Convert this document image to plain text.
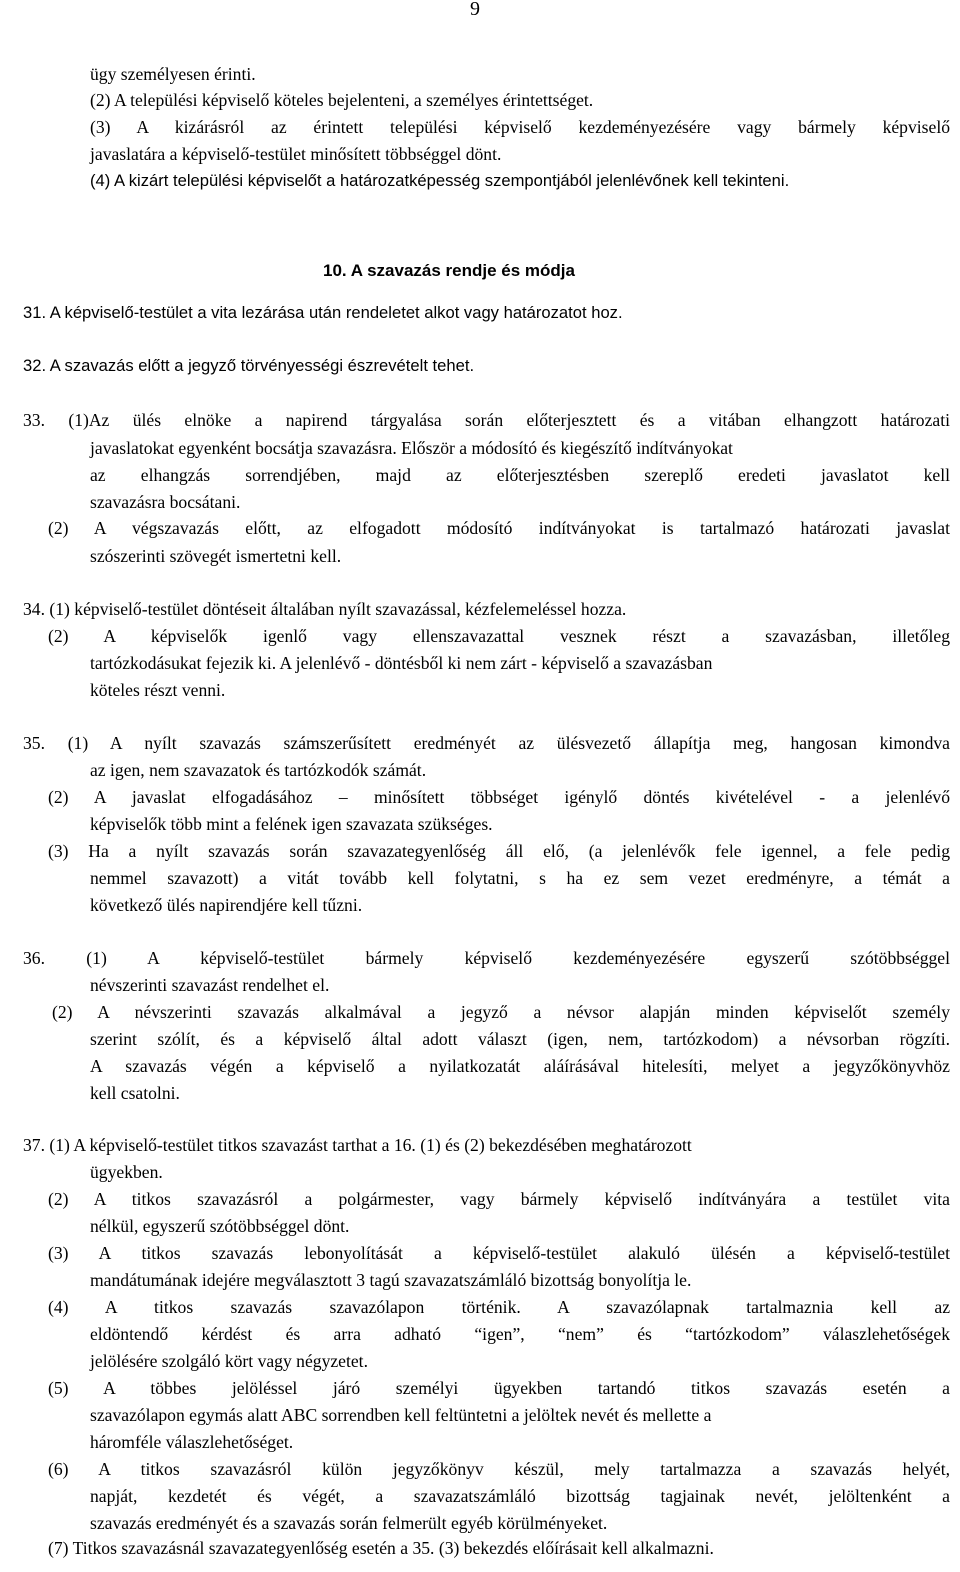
9
10. A szavazás rendje és módja
ügy személyesen érinti.
(2) A települési képviselő köteles bejelenteni, a személyes érintettséget.
(3) A kizárásról az érintett települési képviselő kezdeményezésére vagy bármely képviselő
javaslatára a képviselő-testület minősített többséggel dönt.
(4) A kizárt települési képviselőt a határozatképesség szempontjából jelenlévőnek kell tekinteni.
31. A képviselő-testület a vita lezárása után rendeletet alkot vagy határozatot hoz.
32. A szavazás előtt a jegyző törvényességi észrevételt tehet.
33. (1)Az ülés elnöke a napirend tárgyalása során előterjesztett és a vitában elhangzott határozati
javaslatokat egyenként bocsátja szavazásra. Először a módosító és kiegészítő indítványokat
az elhangzás sorrendjében, majd az előterjesztésben szereplő eredeti javaslatot kell
szavazásra bocsátani.
(2) A végszavazás előtt, az elfogadott módosító indítványokat is tartalmazó határozati javaslat
szószerinti szövegét ismertetni kell.
34. (1) képviselő-testület döntéseit általában nyílt szavazással, kézfelemeléssel hozza.
(2) A képviselők igenlő vagy ellenszavazattal vesznek részt a szavazásban, illetőleg
tartózkodásukat fejezik ki. A jelenlévő - döntésből ki nem zárt - képviselő a szavazásban
köteles részt venni.
35. (1) A nyílt szavazás számszerűsített eredményét az ülésvezető állapítja meg, hangosan kimondva
az igen, nem szavazatok és tartózkodók számát.
(2) A javaslat elfogadásához – minősített többséget igénylő döntés kivételével - a jelenlévő
képviselők több mint a felének igen szavazata szükséges.
(3) Ha a nyílt szavazás során szavazategyenlőség áll elő, (a jelenlévők fele igennel, a fele pedig
nemmel szavazott) a vitát tovább kell folytatni, s ha ez sem vezet eredményre, a témát a
következő ülés napirendjére kell tűzni.
36. (1) A képviselő-testület bármely képviselő kezdeményezésére egyszerű szótöbbséggel
névszerinti szavazást rendelhet el.
(2) A névszerinti szavazás alkalmával a jegyző a névsor alapján minden képviselőt személy
szerint szólít, és a képviselő által adott választ (igen, nem, tartózkodom) a névsorban rögzíti.
A szavazás végén a képviselő a nyilatkozatát aláírásával hitelesíti, melyet a jegyzőkönyvhöz
kell csatolni.
37. (1) A képviselő-testület titkos szavazást tarthat a 16. (1) és (2) bekezdésében meghatározott
ügyekben.
(2) A titkos szavazásról a polgármester, vagy bármely képviselő indítványára a testület vita
nélkül, egyszerű szótöbbséggel dönt.
(3) A titkos szavazás lebonyolítását a képviselő-testület alakuló ülésén a képviselő-testület
mandátumának idejére megválasztott 3 tagú szavazatszámláló bizottság bonyolítja le.
(4) A titkos szavazás szavazólapon történik. A szavazólapnak tartalmaznia kell az
eldöntendő kérdést és arra adható “igen”, “nem” és “tartózkodom” válaszlehetőségek
jelölésére szolgáló kört vagy négyzetet.
(5) A többes jelöléssel járó személyi ügyekben tartandó titkos szavazás esetén a
szavazólapon egymás alatt ABC sorrendben kell feltüntetni a jelöltek nevét és mellette a
háromféle válaszlehetőséget.
(6) A titkos szavazásról külön jegyzőkönyv készül, mely tartalmazza a szavazás helyét,
napját, kezdetét és végét, a szavazatszámláló bizottság tagjainak nevét, jelöltenként a
szavazás eredményét és a szavazás során felmerült egyéb körülményeket.
(7) Titkos szavazásnál szavazategyenlőség esetén a 35. (3) bekezdés előírásait kell alkalmazni.
